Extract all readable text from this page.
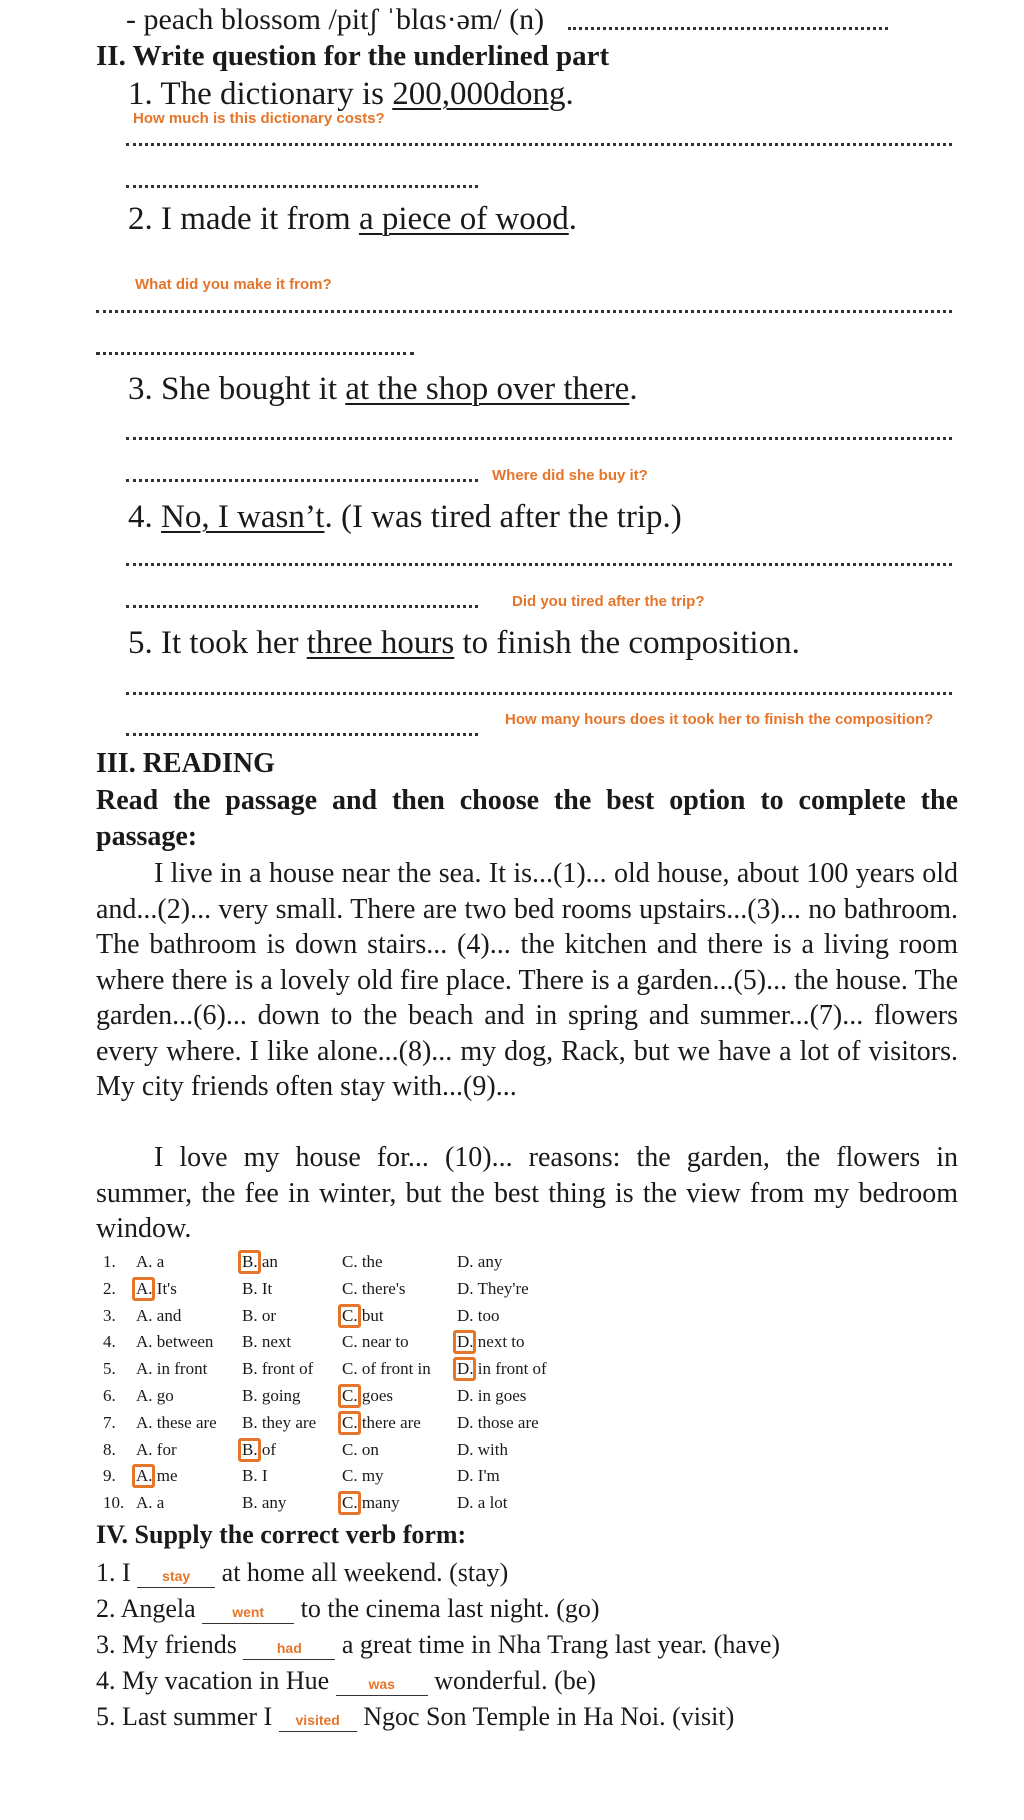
- peach blossom /pitʃ ˈblɑs·əm/ (n)
II. Write question for the underlined part
1. The dictionary is 200,000dong.
How much is this dictionary costs?
2. I made it from a piece of wood.
What did you make it from?
3. She bought it at the shop over there.
Where did she buy it?
4. No, I wasn’t. (I was tired after the trip.)
Did you tired after the trip?
5. It took her three hours to finish the composition.
How many hours does it took her to finish the composition?
III. READING
Read the passage and then choose the best option to complete the passage:
I live in a house near the sea. It is...(1)... old house, about 100 years old and...(2)... very small. There are two bed rooms upstairs...(3)... no bathroom. The bathroom is down stairs... (4)... the kitchen and there is a living room where there is a lovely old fire place. There is a garden...(5)... the house. The garden...(6)... down to the beach and in spring and summer...(7)... flowers every where. I like alone...(8)... my dog, Rack, but we have a lot of visitors. My city friends often stay with...(9)...
I love my house for... (10)... reasons: the garden, the flowers in summer, the fee in winter, but the best thing is the view from my bedroom window.
1. A. a	B. an	C. the	D. any
2. A. It's	B. It	C. there's	D. They're
3. A. and	B. or	C. but	D. too
4. A. between B. next	C. near to	D. next to
5. A. in front B. front of C. of front in D. in front of
6. A. go	B. going C. goes	D. in goes
7. A. these are B. they are C. there are D. those are
8. A. for	B. of	C. on	D. with
9. A. me	B. I	C. my	D. I'm
10. A. a	B. any	C. many	D. a lot
IV. Supply the correct verb form:
1. I stay at home all weekend. (stay)
2. Angela went to the cinema last night. (go)
3. My friends had a great time in Nha Trang last year. (have)
4. My vacation in Hue was wonderful. (be)
5. Last summer I visited Ngoc Son Temple in Ha Noi. (visit)
